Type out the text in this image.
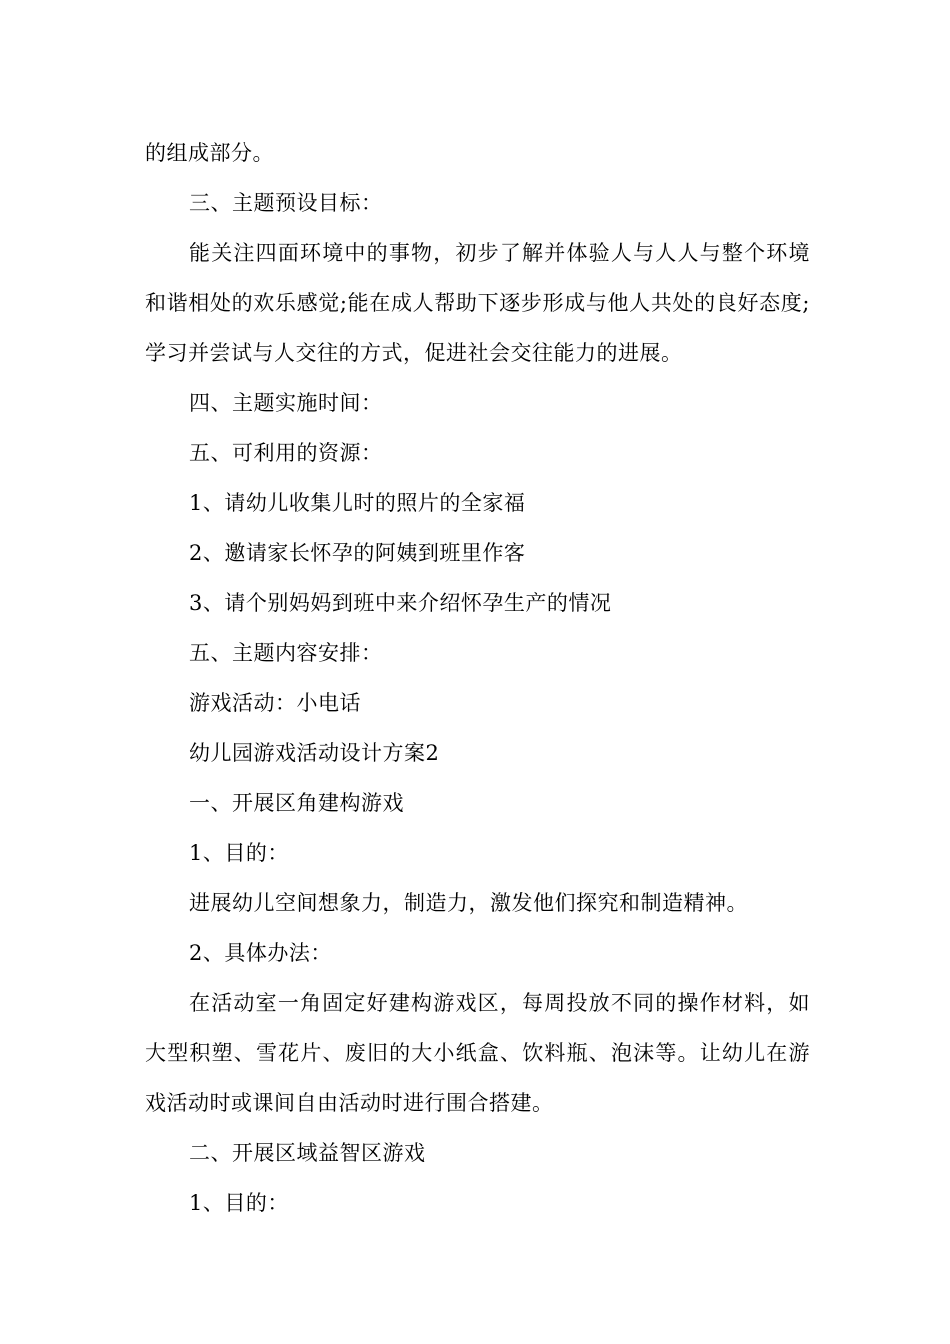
的组成部分。

三、主题预设目标：

能关注四面环境中的事物，初步了解并体验人与人人与整个环境和谐相处的欢乐感觉;能在成人帮助下逐步形成与他人共处的良好态度;学习并尝试与人交往的方式，促进社会交往能力的进展。

四、主题实施时间：

五、可利用的资源：

1、请幼儿收集儿时的照片的全家福

2、邀请家长怀孕的阿姨到班里作客

3、请个别妈妈到班中来介绍怀孕生产的情况

五、主题内容安排：

游戏活动：小电话

幼儿园游戏活动设计方案2

一、开展区角建构游戏

1、目的：

进展幼儿空间想象力，制造力，激发他们探究和制造精神。

2、具体办法：

在活动室一角固定好建构游戏区，每周投放不同的操作材料，如大型积塑、雪花片、废旧的大小纸盒、饮料瓶、泡沫等。让幼儿在游戏活动时或课间自由活动时进行围合搭建。

二、开展区域益智区游戏

1、目的：
